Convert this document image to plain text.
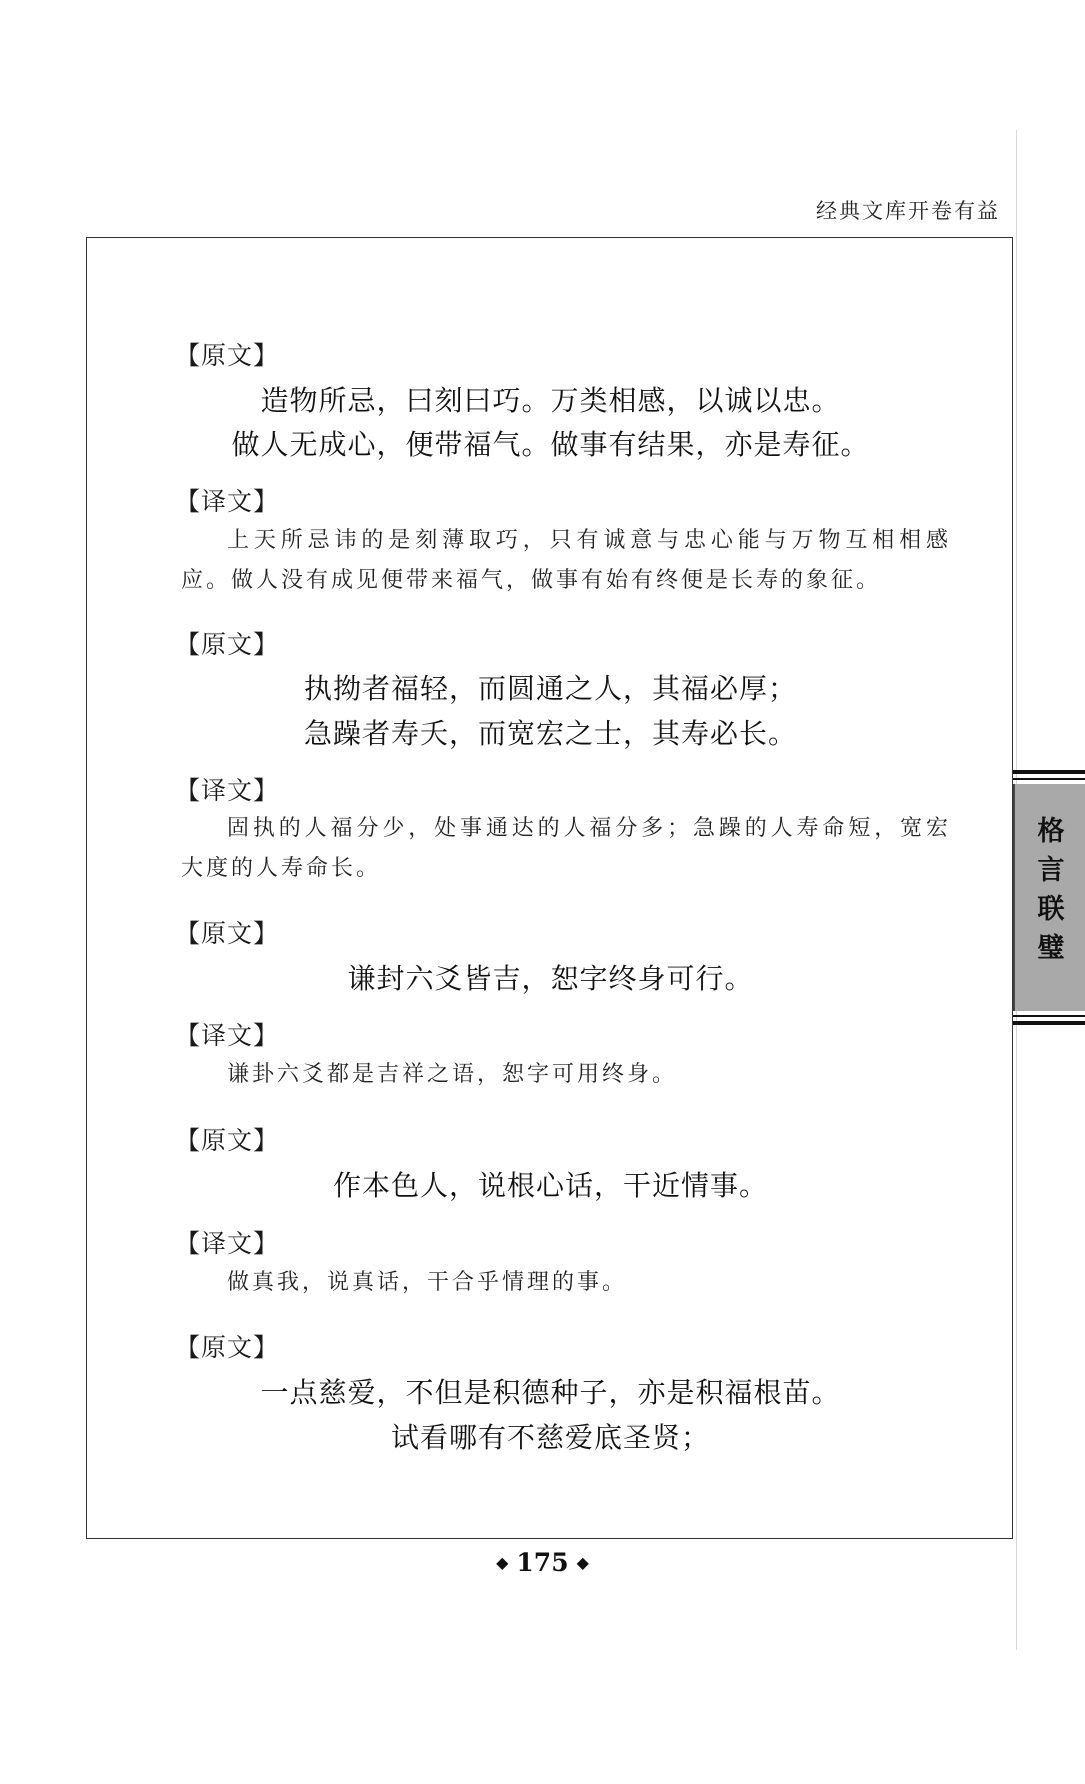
经典文库开卷有益
【原文】
造物所忌，曰刻曰巧。万类相感，以诚以忠。
做人无成心，便带福气。做事有结果，亦是寿征。
【译文】
上天所忌讳的是刻薄取巧，只有诚意与忠心能与万物互相相感应。做人没有成见便带来福气，做事有始有终便是长寿的象征。
【原文】
执拗者福轻，而圆通之人，其福必厚；
急躁者寿夭，而宽宏之士，其寿必长。
【译文】
固执的人福分少，处事通达的人福分多；急躁的人寿命短，宽宏大度的人寿命长。
【原文】
谦封六爻皆吉，恕字终身可行。
【译文】
谦卦六爻都是吉祥之语，恕字可用终身。
【原文】
作本色人，说根心话，干近情事。
【译文】
做真我，说真话，干合乎情理的事。
【原文】
一点慈爱，不但是积德种子，亦是积福根苗。
试看哪有不慈爱底圣贤；
格
言
联
璧
◆ 175 ◆
